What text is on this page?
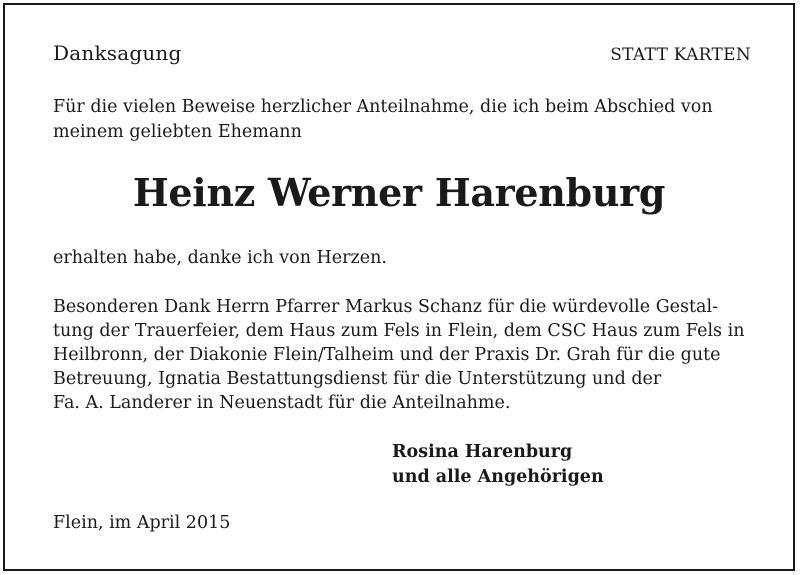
Danksagung	STATT KARTEN

Für die vielen Beweise herzlicher Anteilnahme, die ich beim Abschied von
meinem geliebten Ehemann

Heinz Werner Harenburg

erhalten habe, danke ich von Herzen.

Besonderen Dank Herrn Pfarrer Markus Schanz für die würdevolle Gestal-
tung der Trauerfeier, dem Haus zum Fels in Flein, dem CSC Haus zum Fels in
Heilbronn, der Diakonie Flein/Talheim und der Praxis Dr. Grah für die gute
Betreuung, Ignatia Bestattungsdienst für die Unterstützung und der
Fa. A. Landerer in Neuenstadt für die Anteilnahme.

Rosina Harenburg
und alle Angehörigen

Flein, im April 2015
